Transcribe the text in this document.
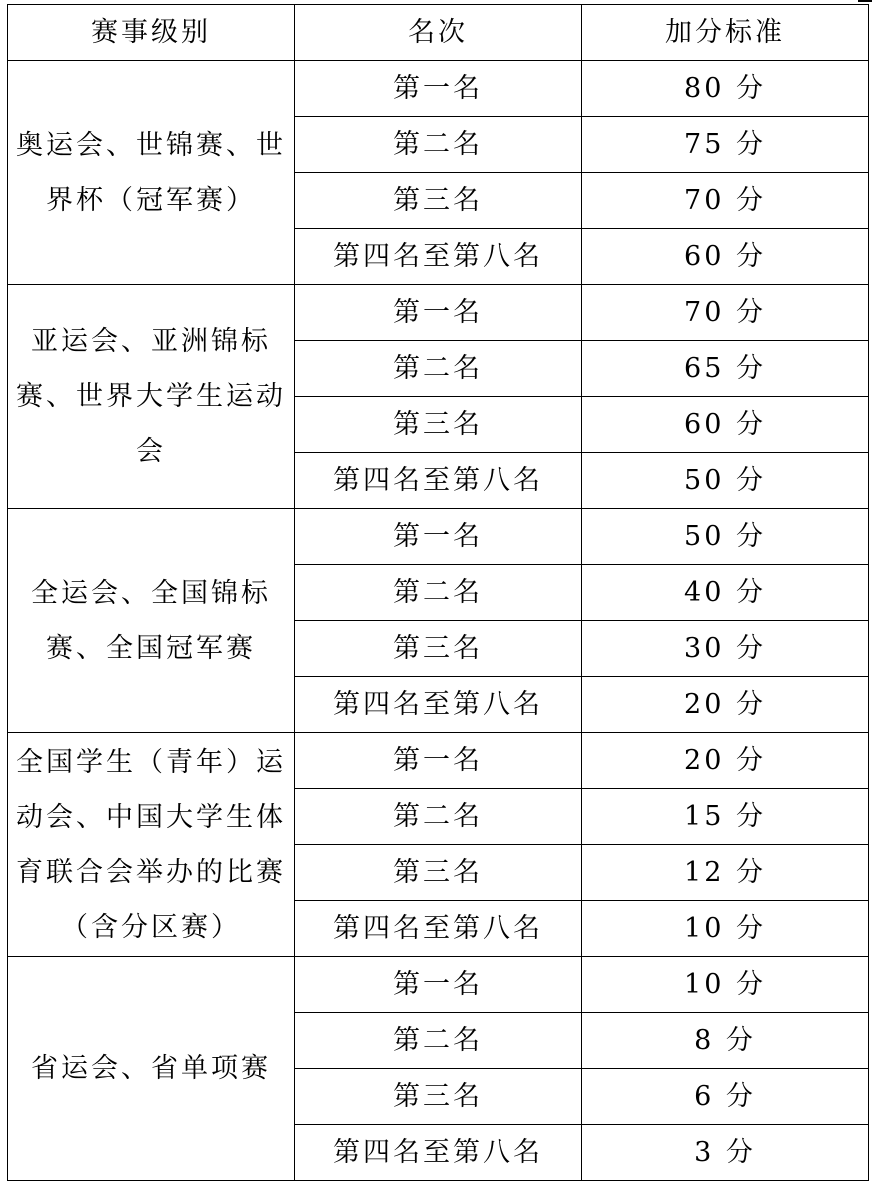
赛事级别	名次	加分标准
奥运会、世锦赛、世界杯（冠军赛）	第一名	80 分
	第二名	75 分
	第三名	70 分
	第四名至第八名	60 分
亚运会、亚洲锦标赛、世界大学生运动会	第一名	70 分
	第二名	65 分
	第三名	60 分
	第四名至第八名	50 分
全运会、全国锦标赛、全国冠军赛	第一名	50 分
	第二名	40 分
	第三名	30 分
	第四名至第八名	20 分
全国学生（青年）运动会、中国大学生体育联合会举办的比赛（含分区赛）	第一名	20 分
	第二名	15 分
	第三名	12 分
	第四名至第八名	10 分
省运会、省单项赛	第一名	10 分
	第二名	8 分
	第三名	6 分
	第四名至第八名	3 分
